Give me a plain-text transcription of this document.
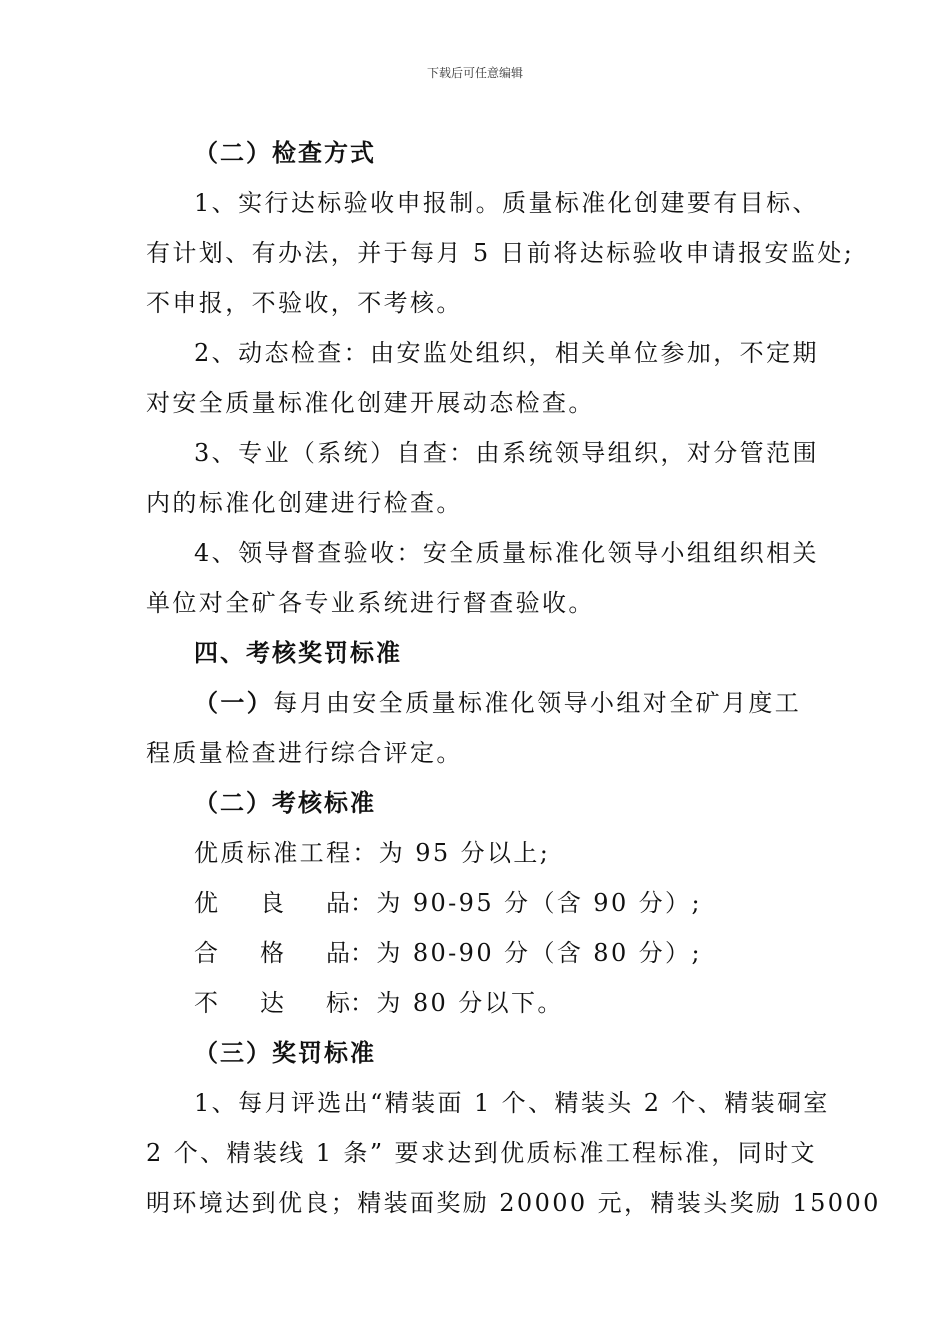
下载后可任意编辑
（二）检查方式
1、实行达标验收申报制。质量标准化创建要有目标、
有计划、有办法，并于每月 5 日前将达标验收申请报安监处;
不申报，不验收，不考核。
2、动态检查：由安监处组织，相关单位参加，不定期
对安全质量标准化创建开展动态检查。
3、专业（系统）自查：由系统领导组织，对分管范围
内的标准化创建进行检查。
4、领导督查验收：安全质量标准化领导小组组织相关
单位对全矿各专业系统进行督查验收。
四、考核奖罚标准
（一）每月由安全质量标准化领导小组对全矿月度工
程质量检查进行综合评定。
（二）考核标准
优质标准工程：为 95 分以上;
优 良 品 ：为 90-95 分（含 90 分）;
合 格 品 ：为 80-90 分（含 80 分）;
不 达 标 ：为 80 分以下。
（三）奖罚标准
1、每月评选出“精装面 1 个、精装头 2 个、精装硐室
2 个、精装线 1 条” 要求达到优质标准工程标准，同时文
明环境达到优良；精装面奖励 20000 元，精装头奖励 15000
